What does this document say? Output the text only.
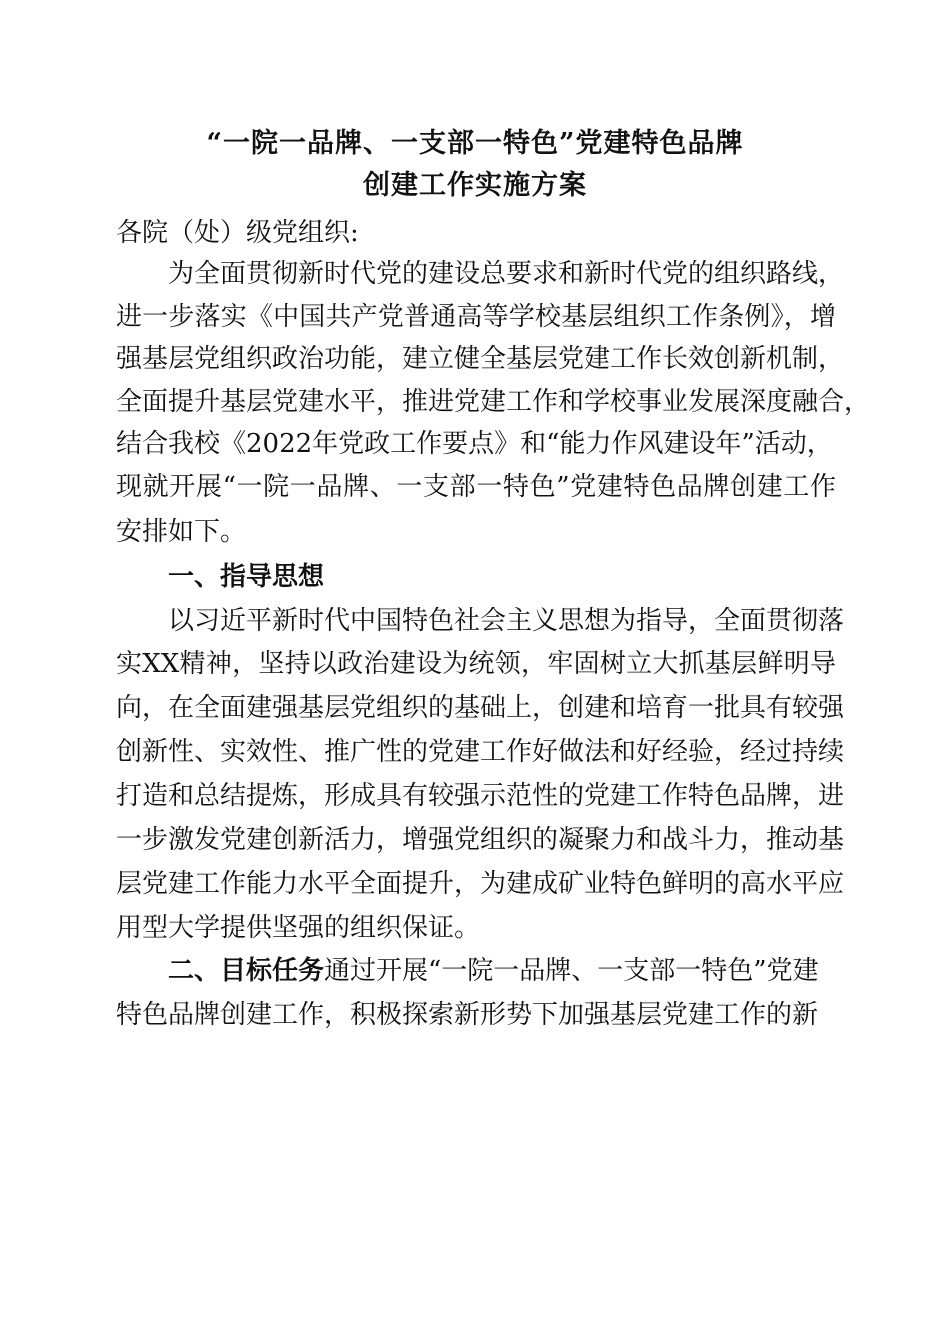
“一院一品牌、一支部一特色”党建特色品牌
创建工作实施方案
各院（处）级党组织:
为全面贯彻新时代党的建设总要求和新时代党的组织路线，
进一步落实《中国共产党普通高等学校基层组织工作条例》，增
强基层党组织政治功能，建立健全基层党建工作长效创新机制，
全面提升基层党建水平，推进党建工作和学校事业发展深度融合，
结合我校《2022年党政工作要点》和“能力作风建设年”活动，
现就开展“一院一品牌、一支部一特色”党建特色品牌创建工作
安排如下。
一、指导思想
以习近平新时代中国特色社会主义思想为指导，全面贯彻落
实XX精神，坚持以政治建设为统领，牢固树立大抓基层鲜明导
向，在全面建强基层党组织的基础上，创建和培育一批具有较强
创新性、实效性、推广性的党建工作好做法和好经验，经过持续
打造和总结提炼，形成具有较强示范性的党建工作特色品牌，进
一步激发党建创新活力，增强党组织的凝聚力和战斗力，推动基
层党建工作能力水平全面提升，为建成矿业特色鲜明的高水平应
用型大学提供坚强的组织保证。
二、目标任务通过开展“一院一品牌、一支部一特色”党建
特色品牌创建工作，积极探索新形势下加强基层党建工作的新
